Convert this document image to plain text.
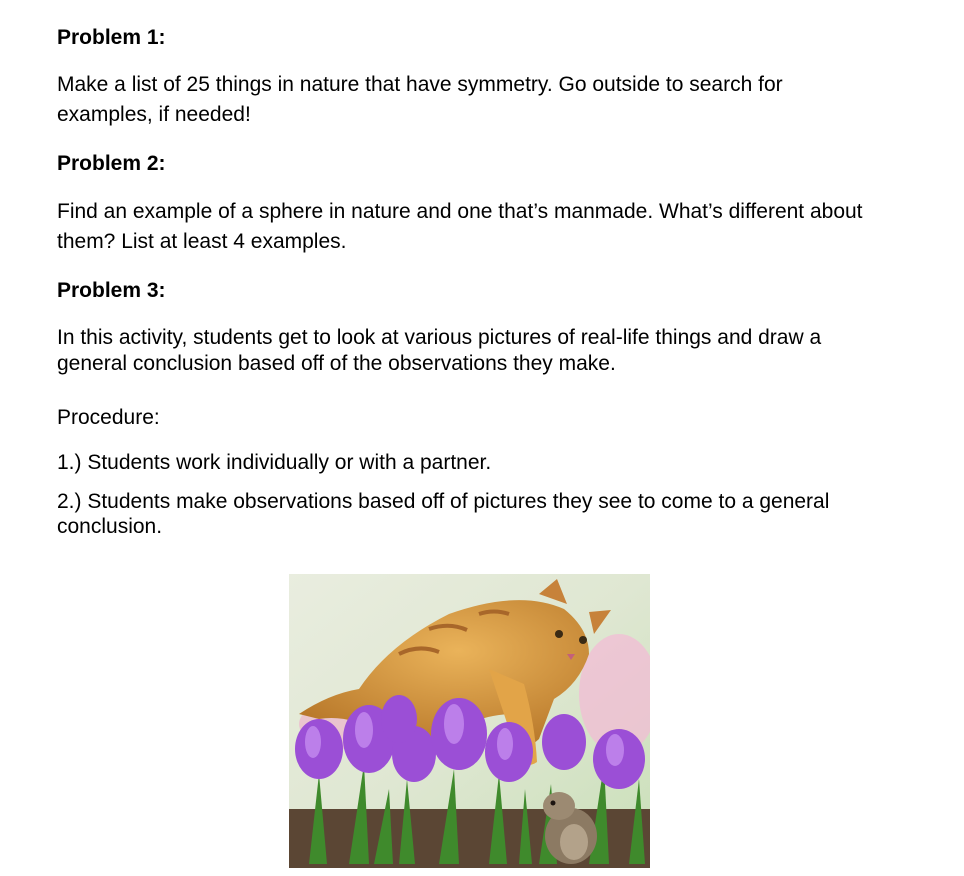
Problem 1:

Make a list of 25 things in nature that have symmetry. Go outside to search for

examples, if needed!

Problem 2:

Find an example of a sphere in nature and one that’s manmade. What’s different about

them? List at least 4 examples.

Problem 3:

In this activity, students get to look at various pictures of real-life things and draw a

general conclusion based off of the observations they make.

Procedure:

1.) Students work individually or with a partner.

2.) Students make observations based off of pictures they see to come to a general

conclusion.
